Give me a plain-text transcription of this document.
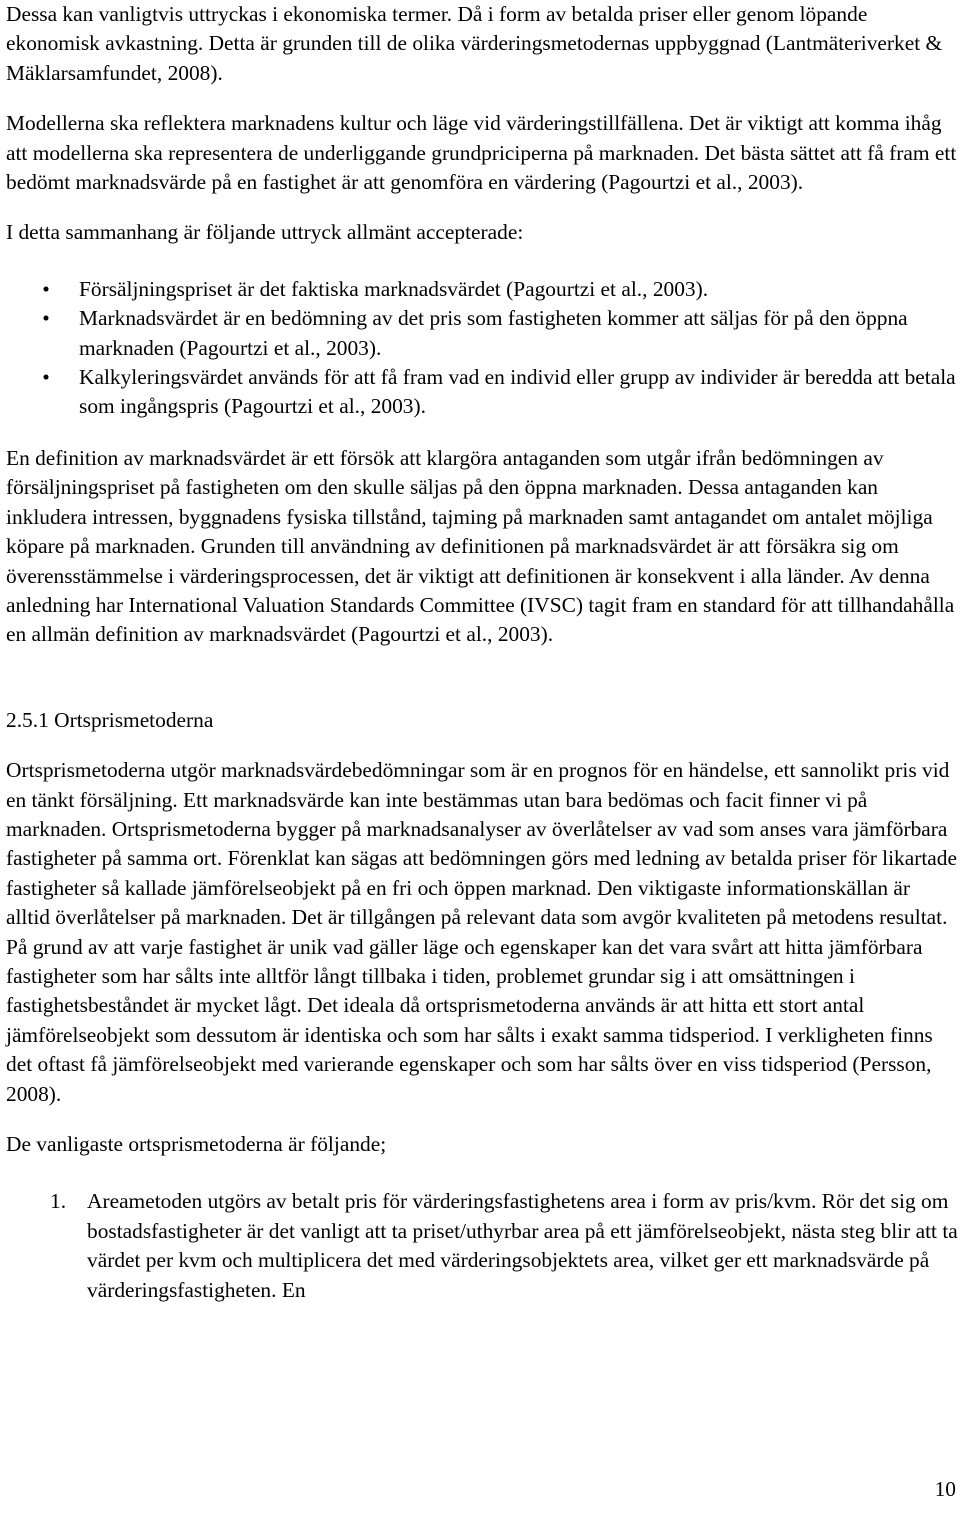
Dessa kan vanligtvis uttryckas i ekonomiska termer. Då i form av betalda priser eller genom löpande ekonomisk avkastning. Detta är grunden till de olika värderingsmetodernas uppbyggnad (Lantmäteriverket & Mäklarsamfundet, 2008).

Modellerna ska reflektera marknadens kultur och läge vid värderingstillfällena. Det är viktigt att komma ihåg att modellerna ska representera de underliggande grundpriciperna på marknaden. Det bästa sättet att få fram ett bedömt marknadsvärde på en fastighet är att genomföra en värdering (Pagourtzi et al., 2003).

I detta sammanhang är följande uttryck allmänt accepterade:

• Försäljningspriset är det faktiska marknadsvärdet (Pagourtzi et al., 2003).
• Marknadsvärdet är en bedömning av det pris som fastigheten kommer att säljas för på den öppna marknaden (Pagourtzi et al., 2003).
• Kalkyleringsvärdet används för att få fram vad en individ eller grupp av individer är beredda att betala som ingångspris (Pagourtzi et al., 2003).

En definition av marknadsvärdet är ett försök att klargöra antaganden som utgår ifrån bedömningen av försäljningspriset på fastigheten om den skulle säljas på den öppna marknaden. Dessa antaganden kan inkludera intressen, byggnadens fysiska tillstånd, tajming på marknaden samt antagandet om antalet möjliga köpare på marknaden. Grunden till användning av definitionen på marknadsvärdet är att försäkra sig om överensstämmelse i värderingsprocessen, det är viktigt att definitionen är konsekvent i alla länder. Av denna anledning har International Valuation Standards Committee (IVSC) tagit fram en standard för att tillhandahålla en allmän definition av marknadsvärdet (Pagourtzi et al., 2003).

2.5.1 Ortsprismetoderna

Ortsprismetoderna utgör marknadsvärdebedömningar som är en prognos för en händelse, ett sannolikt pris vid en tänkt försäljning. Ett marknadsvärde kan inte bestämmas utan bara bedömas och facit finner vi på marknaden. Ortsprismetoderna bygger på marknadsanalyser av överlåtelser av vad som anses vara jämförbara fastigheter på samma ort. Förenklat kan sägas att bedömningen görs med ledning av betalda priser för likartade fastigheter så kallade jämförelseobjekt på en fri och öppen marknad. Den viktigaste informationskällan är alltid överlåtelser på marknaden. Det är tillgången på relevant data som avgör kvaliteten på metodens resultat. På grund av att varje fastighet är unik vad gäller läge och egenskaper kan det vara svårt att hitta jämförbara fastigheter som har sålts inte alltför långt tillbaka i tiden, problemet grundar sig i att omsättningen i fastighetsbeståndet är mycket lågt. Det ideala då ortsprismetoderna används är att hitta ett stort antal jämförelseobjekt som dessutom är identiska och som har sålts i exakt samma tidsperiod. I verkligheten finns det oftast få jämförelseobjekt med varierande egenskaper och som har sålts över en viss tidsperiod (Persson, 2008).

De vanligaste ortsprismetoderna är följande;

1. Areametoden utgörs av betalt pris för värderingsfastighetens area i form av pris/kvm. Rör det sig om bostadsfastigheter är det vanligt att ta priset/uthyrbar area på ett jämförelseobjekt, nästa steg blir att ta värdet per kvm och multiplicera det med värderingsobjektets area, vilket ger ett marknadsvärde på värderingsfastigheten. En
10
